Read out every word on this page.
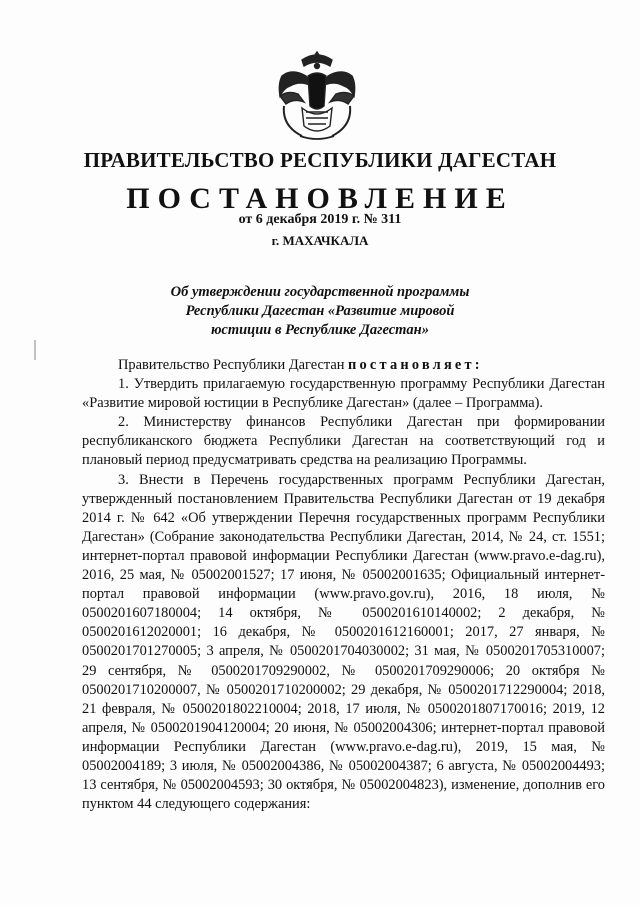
ПРАВИТЕЛЬСТВО РЕСПУБЛИКИ ДАГЕСТАН
ПОСТАНОВЛЕНИЕ
от 6 декабря 2019 г. № 311
г. МАХАЧКАЛА
Об утверждении государственной программы
Республики Дагестан «Развитие мировой
юстиции в Республике Дагестан»

Правительство Республики Дагестан постановляет:

1. Утвердить прилагаемую государственную программу Республики Дагестан «Развитие мировой юстиции в Республике Дагестан» (далее – Программа).

2. Министерству финансов Республики Дагестан при формировании республиканского бюджета Республики Дагестан на соответствующий год и плановый период предусматривать средства на реализацию Программы.

3. Внести в Перечень государственных программ Республики Дагестан, утвержденный постановлением Правительства Республики Дагестан от 19 декабря 2014 г. № 642 «Об утверждении Перечня государственных программ Республики Дагестан» (Собрание законодательства Республики Дагестан, 2014, № 24, ст. 1551; интернет-портал правовой информации Республики Дагестан (www.pravo.e-dag.ru), 2016, 25 мая, № 05002001527; 17 июня, № 05002001635; Официальный интернет-портал правовой информации (www.pravo.gov.ru), 2016, 18 июля, № 0500201607180004; 14 октября, № 0500201610140002; 2 декабря, № 0500201612020001; 16 декабря, № 0500201612160001; 2017, 27 января, № 0500201701270005; 3 апреля, № 0500201704030002; 31 мая, № 0500201705310007; 29 сентября, № 0500201709290002, № 0500201709290006; 20 октября № 0500201710200007, № 0500201710200002; 29 декабря, № 0500201712290004; 2018, 21 февраля, № 0500201802210004; 2018, 17 июля, № 0500201807170016; 2019, 12 апреля, № 0500201904120004; 20 июня, № 05002004306; интернет-портал правовой информации Республики Дагестан (www.pravo.e-dag.ru), 2019, 15 мая, № 05002004189; 3 июля, № 05002004386, № 05002004387; 6 августа, № 05002004493; 13 сентября, № 05002004593; 30 октября, № 05002004823), изменение, дополнив его пунктом 44 следующего содержания:
